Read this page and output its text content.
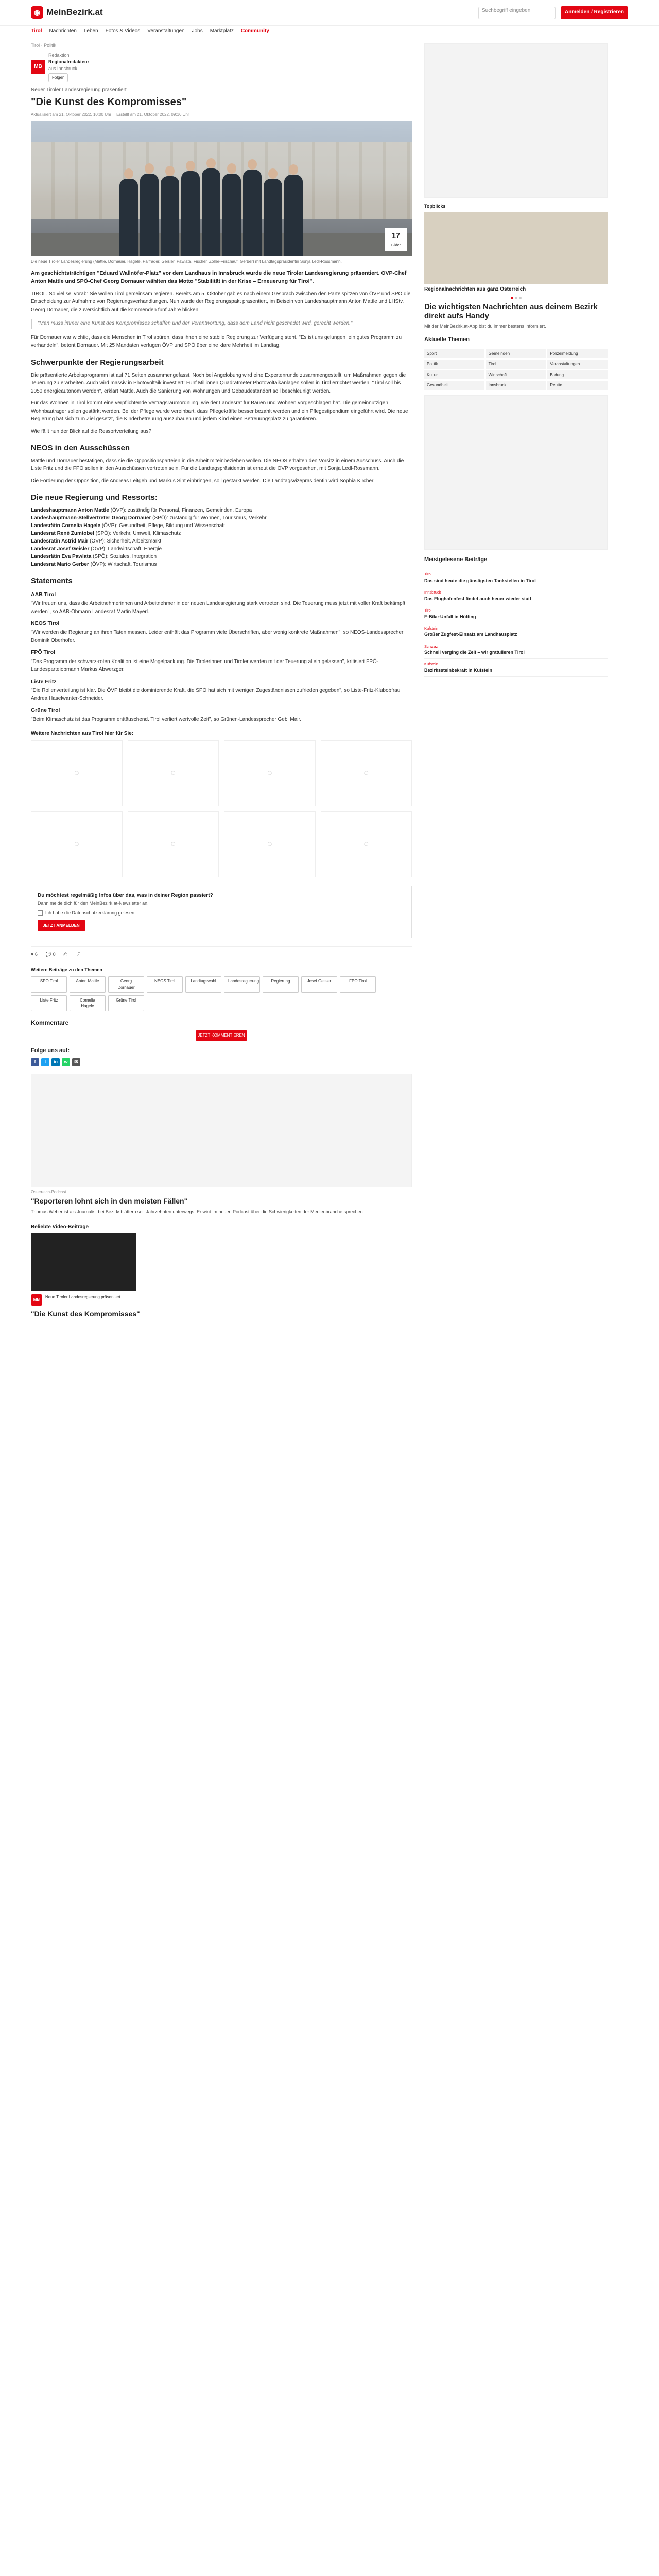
◉ MeinBezirk.at	Suchbegriff eingeben	Anmelden / Registrieren
Tirol Nachrichten Leben Fotos & Videos Veranstaltungen Jobs Marktplatz Community
Tirol · Politik
MB
Redaktion
Regionalredakteur
aus Innsbruck
Folgen
Neuer Tiroler Landesregierung präsentiert
"Die Kunst des Kompromisses"
Aktualisiert am 21. Oktober 2022, 10:00 Uhr Erstellt am 21. Oktober 2022, 09:16 Uhr
17
Bilder
Die neue Tiroler Landesregierung (Mattle, Dornauer, Hagele, Palfrader, Geisler, Pawlata, Fischer, Zoller-Frischauf, Gerber) mit Landtagspräsidentin Sonja Ledl-Rossmann.

Am geschichtsträchtigen "Eduard Wallnöfer-Platz" vor dem Landhaus in Innsbruck wurde die neue Tiroler Landesregierung präsentiert. ÖVP-Chef Anton Mattle und SPÖ-Chef Georg Dornauer wählten das Motto "Stabilität in der Krise – Erneuerung für Tirol".

TIROL. So viel sei vorab: Sie wollen Tirol gemeinsam regieren. Bereits am 5. Oktober gab es nach einem Gespräch zwischen den Parteispitzen von ÖVP und SPÖ die Entscheidung zur Aufnahme von Regierungsverhandlungen. Nun wurde der Regierungspakt präsentiert, im Beisein von Landeshauptmann Anton Mattle und LHStv. Georg Dornauer, die zuversichtlich auf die kommenden fünf Jahre blicken.

"Man muss immer eine Kunst des Kompromisses schaffen und der Verantwortung, dass dem Land nicht geschadet wird, gerecht werden."

Für Dornauer war wichtig, dass die Menschen in Tirol spüren, dass ihnen eine stabile Regierung zur Verfügung steht. "Es ist uns gelungen, ein gutes Programm zu verhandeln", betont Dornauer. Mit 25 Mandaten verfügen ÖVP und SPÖ über eine klare Mehrheit im Landtag.

Schwerpunkte der Regierungsarbeit

Die präsentierte Arbeitsprogramm ist auf 71 Seiten zusammengefasst. Noch bei Angelobung wird eine Expertenrunde zusammengestellt, um Maßnahmen gegen die Teuerung zu erarbeiten. Auch wird massiv in Photovoltaik investiert: Fünf Millionen Quadratmeter Photovoltaikanlagen sollen in Tirol errichtet werden. "Tirol soll bis 2050 energieautonom werden", erklärt Mattle. Auch die Sanierung von Wohnungen und Gebäudestandort soll beschleunigt werden.

Für das Wohnen in Tirol kommt eine verpflichtende Vertragsraumordnung, wie der Landesrat für Bauen und Wohnen vorgeschlagen hat. Die gemeinnützigen Wohnbauträger sollen gestärkt werden. Bei der Pflege wurde vereinbart, dass Pflegekräfte besser bezahlt werden und ein Pflegestipendium eingeführt wird. Die neue Regierung hat sich zum Ziel gesetzt, die Kinderbetreuung auszubauen und jedem Kind einen Betreuungsplatz zu garantieren.

Wie fällt nun der Blick auf die Ressortverteilung aus?

NEOS in den Ausschüssen

Mattle und Dornauer bestätigen, dass sie die Oppositionsparteien in die Arbeit miteinbeziehen wollen. Die NEOS erhalten den Vorsitz in einem Ausschuss. Auch die Liste Fritz und die FPÖ sollen in den Ausschüssen vertreten sein. Für die Landtagspräsidentin ist erneut die ÖVP vorgesehen, mit Sonja Ledl-Rossmann.

Die Förderung der Opposition, die Andreas Leitgeb und Markus Sint einbringen, soll gestärkt werden. Die Landtagsvizepräsidentin wird Sophia Kircher.

Die neue Regierung und Ressorts:

Landeshauptmann Anton Mattle (ÖVP): zuständig für Personal, Finanzen, Gemeinden, Europa

Landeshauptmann-Stellvertreter Georg Dornauer (SPÖ): zuständig für Wohnen, Tourismus, Verkehr

Landesrätin Cornelia Hagele (ÖVP): Gesundheit, Pflege, Bildung und Wissenschaft

Landesrat René Zumtobel (SPÖ): Verkehr, Umwelt, Klimaschutz

Landesrätin Astrid Mair (ÖVP): Sicherheit, Arbeitsmarkt

Landesrat Josef Geisler (ÖVP): Landwirtschaft, Energie

Landesrätin Eva Pawlata (SPÖ): Soziales, Integration

Landesrat Mario Gerber (ÖVP): Wirtschaft, Tourismus

Statements
AAB Tirol

"Wir freuen uns, dass die Arbeitnehmerinnen und Arbeitnehmer in der neuen Landesregierung stark vertreten sind. Die Teuerung muss jetzt mit voller Kraft bekämpft werden", so AAB-Obmann Landesrat Martin Mayerl.

NEOS Tirol

"Wir werden die Regierung an ihren Taten messen. Leider enthält das Programm viele Überschriften, aber wenig konkrete Maßnahmen", so NEOS-Landessprecher Dominik Oberhofer.

FPÖ Tirol

"Das Programm der schwarz-roten Koalition ist eine Mogelpackung. Die Tirolerinnen und Tiroler werden mit der Teuerung allein gelassen", kritisiert FPÖ-Landesparteiobmann Markus Abwerzger.

Liste Fritz

"Die Rollenverteilung ist klar. Die ÖVP bleibt die dominierende Kraft, die SPÖ hat sich mit wenigen Zugeständnissen zufrieden gegeben", so Liste-Fritz-Klubobfrau Andrea Haselwanter-Schneider.

Grüne Tirol

"Beim Klimaschutz ist das Programm enttäuschend. Tirol verliert wertvolle Zeit", so Grünen-Landessprecher Gebi Mair.

Weitere Nachrichten aus Tirol hier für Sie:
◌	◌	◌	◌
◌	◌	◌	◌
Du möchtest regelmäßig Infos über das, was in deiner Region passiert?
Dann melde dich für den MeinBezirk.at-Newsletter an.
Ich habe die Datenschutzerklärung gelesen.
JETZT ANMELDEN
♥ 6 💬 0 ⎙ ⤴
Weitere Beiträge zu den Themen
SPÖ Tirol	Anton Mattle	Georg Dornauer
NEOS Tirol	Landtagswahl	Landesregierung	Regierung	Josef Geisler	FPÖ Tirol
Liste Fritz	Cornelia Hagele
Grüne Tirol
Kommentare
JETZT KOMMENTIEREN
Folge uns auf:
f	t	in	w	✉
Österreich-Podcast
"Reporteren lohnt sich in den meisten Fällen"
Thomas Weber ist als Journalist bei Bezirksblättern seit Jahrzehnten unterwegs. Er wird im neuen Podcast über die Schwierigkeiten der Medienbranche sprechen.
Beliebte Video-Beiträge
MB
Neue Tiroler Landesregierung präsentiert
"Die Kunst des Kompromisses"
Topblicks
Regionalnachrichten aus ganz Österreich
Die wichtigsten Nachrichten aus deinem Bezirk direkt aufs Handy
Mit der MeinBezirk.at-App bist du immer bestens informiert.
Aktuelle Themen
Sport	Gemeinden	Polizeimeldung
Politik	Tirol	Veranstaltungen
Kultur	Wirtschaft	Bildung
Gesundheit	Innsbruck	Reutte
Meistgelesene Beiträge
Tirol
Das sind heute die günstigsten Tankstellen in Tirol
Innsbruck
Das Flughafenfest findet auch heuer wieder statt
Tirol
E-Bike-Unfall in Hötting
Kufstein
Großer Zugfest-Einsatz am Landhausplatz
Schwaz
Schnell verging die Zeit – wir gratulieren Tirol
Kufstein
Bezirkssteinbekraft in Kufstein
